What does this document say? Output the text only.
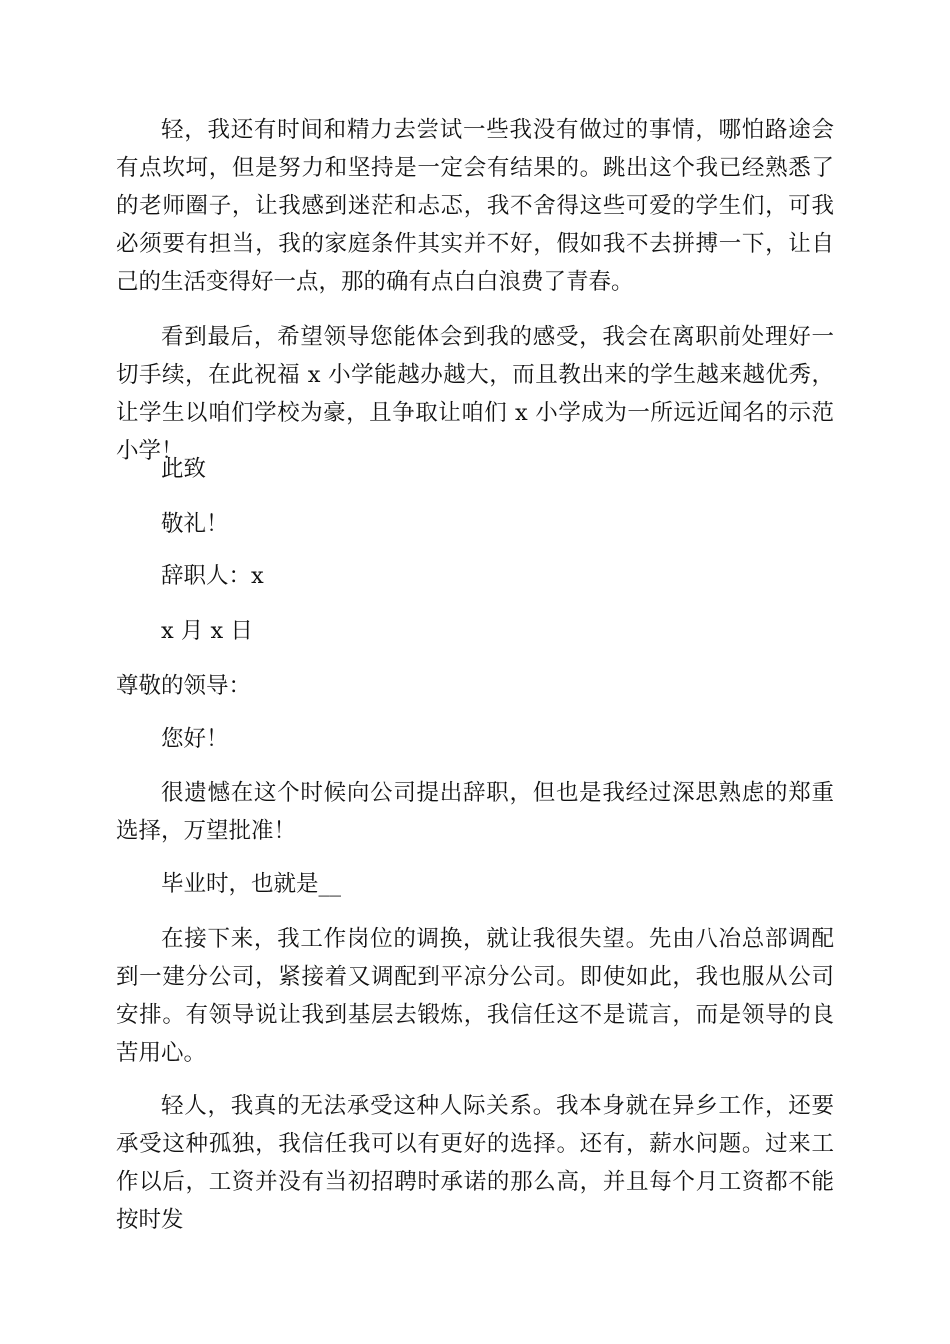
轻，我还有时间和精力去尝试一些我没有做过的事情，哪怕路途会有点坎坷，但是努力和坚持是一定会有结果的。跳出这个我已经熟悉了的老师圈子，让我感到迷茫和忐忑，我不舍得这些可爱的学生们，可我必须要有担当，我的家庭条件其实并不好，假如我不去拼搏一下，让自己的生活变得好一点，那的确有点白白浪费了青春。

看到最后，希望领导您能体会到我的感受，我会在离职前处理好一切手续，在此祝福 x 小学能越办越大，而且教出来的学生越来越优秀，让学生以咱们学校为豪，且争取让咱们 x 小学成为一所远近闻名的示范小学！

此致

敬礼！

辞职人：x

x 月 x 日

尊敬的领导：

您好！

很遗憾在这个时候向公司提出辞职，但也是我经过深思熟虑的郑重选择，万望批准！

毕业时，也就是__

在接下来，我工作岗位的调换，就让我很失望。先由八冶总部调配到一建分公司，紧接着又调配到平凉分公司。即使如此，我也服从公司安排。有领导说让我到基层去锻炼，我信任这不是谎言，而是领导的良苦用心。

轻人，我真的无法承受这种人际关系。我本身就在异乡工作，还要承受这种孤独，我信任我可以有更好的选择。还有，薪水问题。过来工作以后，工资并没有当初招聘时承诺的那么高，并且每个月工资都不能按时发
